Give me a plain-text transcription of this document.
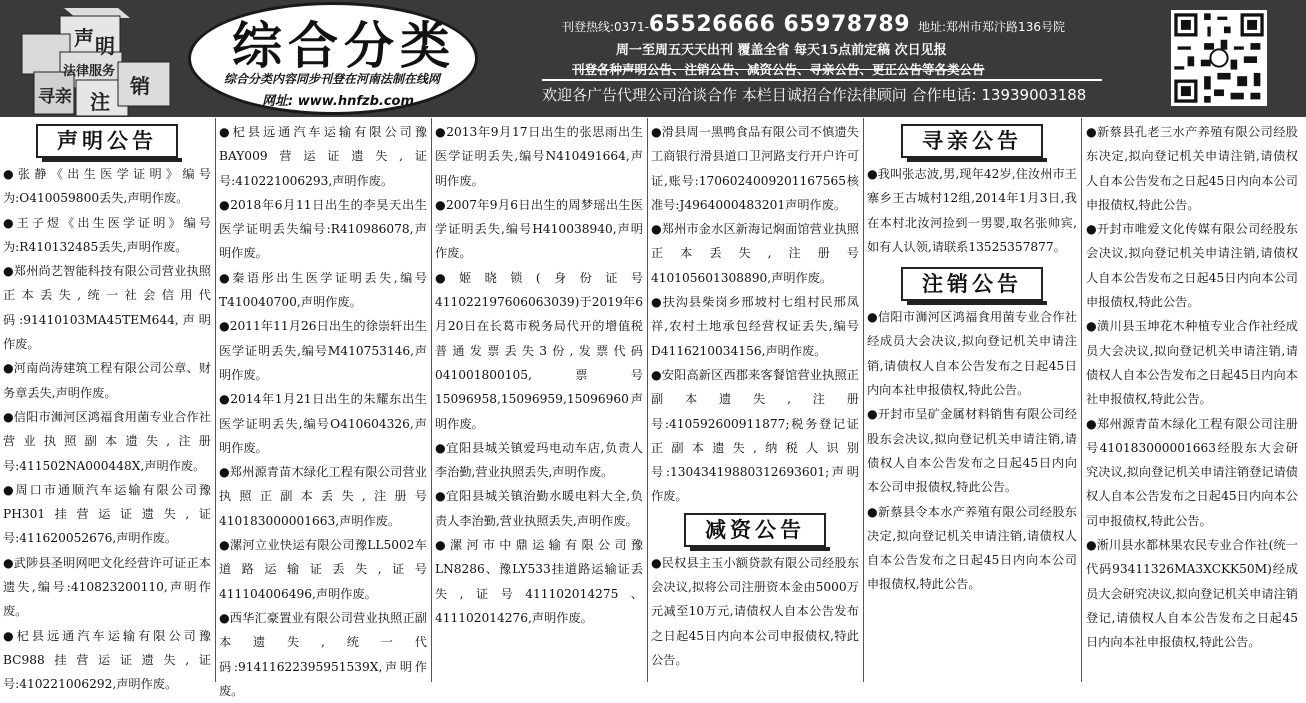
声 明
法律服务
寻亲 注
销
综合分类
综合分类内容同步刊登在河南法制在线网
网址: www.hnfzb.com
刊登热线:0371-65526666 65978789 地址:郑州市郑汴路136号院
周一至周五天天出刊 覆盖全省 每天15点前定稿 次日见报
刊登各种声明公告、注销公告、减资公告、寻亲公告、更正公告等各类公告
欢迎各广告代理公司洽谈合作 本栏目诚招合作法律顾问 合作电话: 13939003188
声明公告
●张静《出生医学证明》编号为:O410059800丢失,声明作废。
●王子煜《出生医学证明》编号为:R410132485丢失,声明作废。
●郑州尚艺智能科技有限公司营业执照正本丢失,统一社会信用代码:91410103MA45TEM644,声明作废。
●河南尚涛建筑工程有限公司公章、财务章丢失,声明作废。
●信阳市浉河区鸿福食用菌专业合作社营业执照副本遗失,注册号:411502NA000448X,声明作废。
●周口市通顺汽车运输有限公司豫PH301挂营运证遗失,证号:411620052676,声明作废。
●武陟县圣明网吧文化经营许可证正本遗失,编号:410823200110,声明作废。
●杞县远通汽车运输有限公司豫BC988挂营运证遗失,证号:410221006292,声明作废。
●杞县远通汽车运输有限公司豫BAY009营运证遗失,证号:410221006293,声明作废。
●2018年6月11日出生的李昊天出生医学证明丢失编号:R410986078,声明作废。
●秦语彤出生医学证明丢失,编号T410040700,声明作废。
●2011年11月26日出生的徐崇轩出生医学证明丢失,编号M410753146,声明作废。
●2014年1月21日出生的朱耀东出生医学证明丢失,编号O410604326,声明作废。
●郑州源青苗木绿化工程有限公司营业执照正副本丢失,注册号410183000001663,声明作废。
●漯河立业快运有限公司豫LL5002车道路运输证丢失,证号411104006496,声明作废。
●西华汇豪置业有限公司营业执照正副本遗失,统一代码:91411622395951539X,声明作废。
●2013年9月17日出生的张思雨出生医学证明丢失,编号N410491664,声明作废。
●2007年9月6日出生的周梦瑶出生医学证明丢失,编号H410038940,声明作废。
●姬晓锁(身份证号411022197606063039)于2019年6月20日在长葛市税务局代开的增值税普通发票丢失3份,发票代码041001800105,票号15096958,15096959,15096960声明作废。
●宜阳县城关镇爱玛电动车店,负责人李治勤,营业执照丢失,声明作废。
●宜阳县城关镇治勤水暖电料大全,负责人李治勤,营业执照丢失,声明作废。
●漯河市中鼎运输有限公司豫LN8286、豫LY533挂道路运输证丢失,证号411102014275、411102014276,声明作废。
●滑县周一黑鸭食品有限公司不慎遗失工商银行滑县道口卫河路支行开户许可证,账号:1706024009201167565核准号:J4964000483201声明作废。
●郑州市金水区新海记焖面馆营业执照正本丢失,注册号410105601308890,声明作废。
●扶沟县柴岗乡邢坡村七组村民邢凤祥,农村土地承包经营权证丢失,编号D4116210034156,声明作废。
●安阳高新区西郡来客餐馆营业执照正副本遗失,注册号:410592600911877;税务登记证正副本遗失,纳税人识别号:13043419880312693601;声明作废。
减资公告
●民权县主玉小额贷款有限公司经股东会决议,拟将公司注册资本金由5000万元减至10万元,请债权人自本公告发布之日起45日内向本公司申报债权,特此公告。
寻亲公告
●我叫张志波,男,现年42岁,住汝州市王寨乡王古城村12组,2014年1月3日,我在本村北汝河捡到一男婴,取名张帅宾,如有人认领,请联系13525357877。
注销公告
●信阳市浉河区鸿福食用菌专业合作社经成员大会决议,拟向登记机关申请注销,请债权人自本公告发布之日起45日内向本社申报债权,特此公告。
●开封市呈矿金属材料销售有限公司经股东会决议,拟向登记机关申请注销,请债权人自本公告发布之日起45日内向本公司申报债权,特此公告。
●新蔡县令本水产养殖有限公司经股东决定,拟向登记机关申请注销,请债权人自本公告发布之日起45日内向本公司申报债权,特此公告。
●新蔡县孔老三水产养殖有限公司经股东决定,拟向登记机关申请注销,请债权人自本公告发布之日起45日内向本公司申报债权,特此公告。
●开封市唯爱文化传媒有限公司经股东会决议,拟向登记机关申请注销,请债权人自本公告发布之日起45日内向本公司申报债权,特此公告。
●潢川县玉坤花木种植专业合作社经成员大会决议,拟向登记机关申请注销,请债权人自本公告发布之日起45日内向本社申报债权,特此公告。
●郑州源青苗木绿化工程有限公司注册号410183000001663经股东大会研究决议,拟向登记机关申请注销登记请债权人自本公告发布之日起45日内向本公司申报债权,特此公告。
●淅川县水都林果农民专业合作社(统一代码93411326MA3XCKK50M)经成员大会研究决议,拟向登记机关申请注销登记,请债权人自本公告发布之日起45日内向本社申报债权,特此公告。
